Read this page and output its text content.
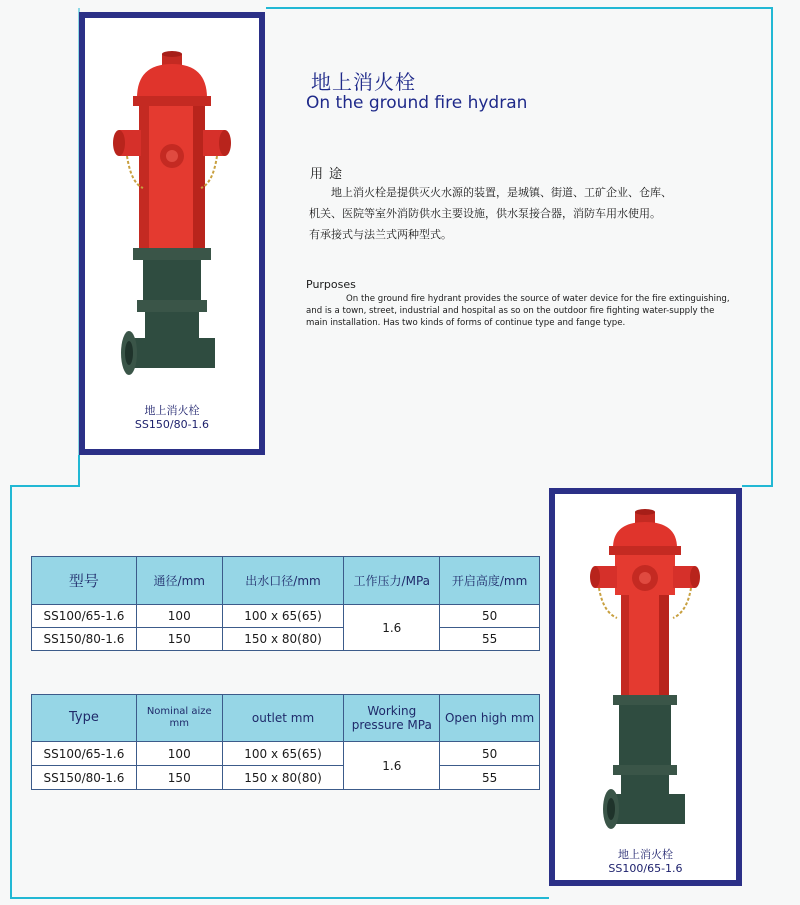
地上消火栓
SS150/80-1.6
地上消火栓
On the ground fire hydran
用途

地上消火栓是提供灭火水源的装置，是城镇、街道、工矿企业、仓库、

机关、医院等室外消防供水主要设施，供水泵接合器，消防车用水使用。

有承接式与法兰式两种型式。

Purposes

On the ground fire hydrant provides the source of water device for the fire extinguishing,

and is a town, street, industrial and hospital as so on the outdoor fire fighting water-supply the

main installation. Has two kinds of forms of continue type and fange type.

型号	通径/mm	出水口径/mm	工作压力/MPa	开启高度/mm
SS100/65-1.6	100	100 x 65(65)	1.6	50
SS150/80-1.6	150	150 x 80(80)		55
Type	Nominal aize mm	outlet mm	Working pressure MPa	Open high mm
SS100/65-1.6	100	100 x 65(65)	1.6	50
SS150/80-1.6	150	150 x 80(80)		55
地上消火栓
SS100/65-1.6
